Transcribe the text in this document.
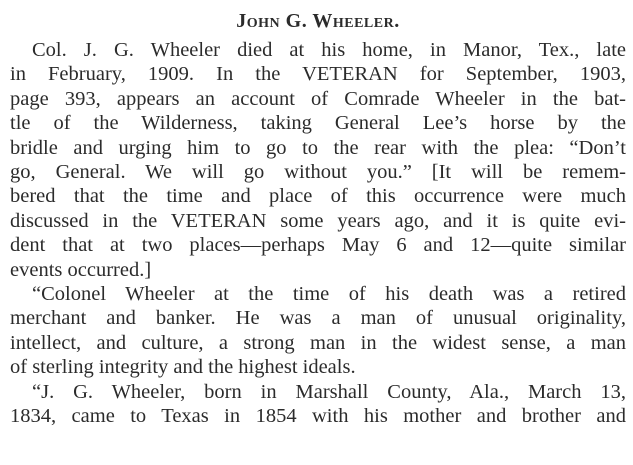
John G. Wheeler.
Col. J. G. Wheeler died at his home, in Manor, Tex., late
in February, 1909. In the VETERAN for September, 1903,
page 393, appears an account of Comrade Wheeler in the bat-
tle of the Wilderness, taking General Lee’s horse by the
bridle and urging him to go to the rear with the plea: “Don’t
go, General. We will go without you.” [It will be remem-
bered that the time and place of this occurrence were much
discussed in the VETERAN some years ago, and it is quite evi-
dent that at two places—perhaps May 6 and 12—quite similar
events occurred.]
“Colonel Wheeler at the time of his death was a retired
merchant and banker. He was a man of unusual originality,
intellect, and culture, a strong man in the widest sense, a man
of sterling integrity and the highest ideals.
“J. G. Wheeler, born in Marshall County, Ala., March 13,
1834, came to Texas in 1854 with his mother and brother and
